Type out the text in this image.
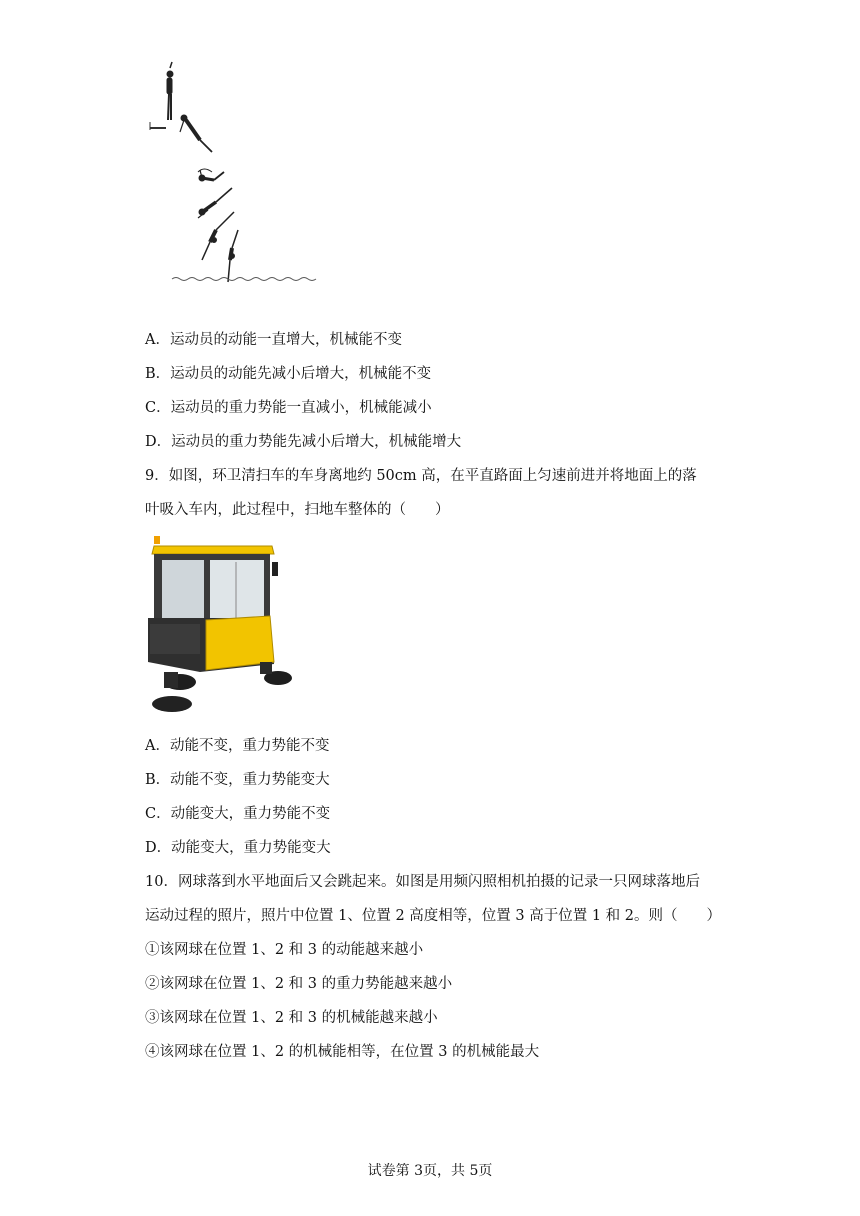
A．运动员的动能一直增大，机械能不变
B．运动员的动能先减小后增大，机械能不变
C．运动员的重力势能一直减小，机械能减小
D．运动员的重力势能先减小后增大，机械能增大
9．如图，环卫清扫车的车身离地约 50cm 高，在平直路面上匀速前进并将地面上的落
叶吸入车内，此过程中，扫地车整体的（　　）
A．动能不变，重力势能不变
B．动能不变，重力势能变大
C．动能变大，重力势能不变
D．动能变大，重力势能变大
10．网球落到水平地面后又会跳起来。如图是用频闪照相机拍摄的记录一只网球落地后
运动过程的照片，照片中位置 1、位置 2 高度相等，位置 3 高于位置 1 和 2。则（　　）
①该网球在位置 1、2 和 3 的动能越来越小
②该网球在位置 1、2 和 3 的重力势能越来越小
③该网球在位置 1、2 和 3 的机械能越来越小
④该网球在位置 1、2 的机械能相等，在位置 3 的机械能最大
试卷第 3页，共 5页
